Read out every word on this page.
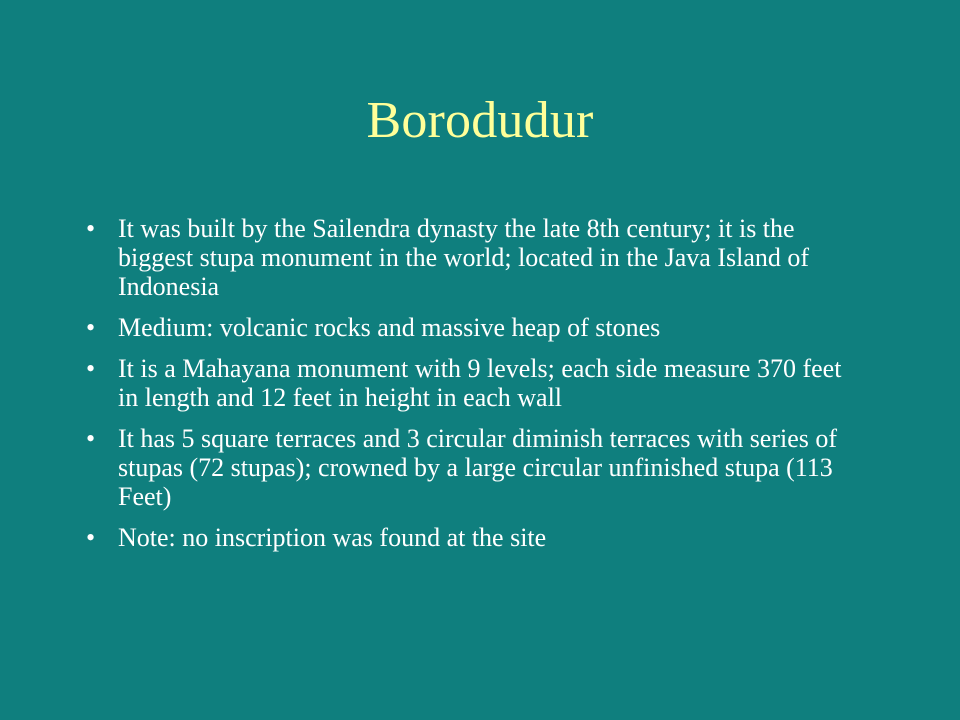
Borodudur
• It was built by the Sailendra dynasty the late 8th century; it is the biggest stupa monument in the world; located in the Java Island of Indonesia
• Medium: volcanic rocks and massive heap of stones
• It is a Mahayana monument with 9 levels; each side measure 370 feet in length and 12 feet in height in each wall
• It has 5 square terraces and 3 circular diminish terraces with series of stupas (72 stupas); crowned by a large circular unfinished stupa (113 Feet)
• Note: no inscription was found at the site
